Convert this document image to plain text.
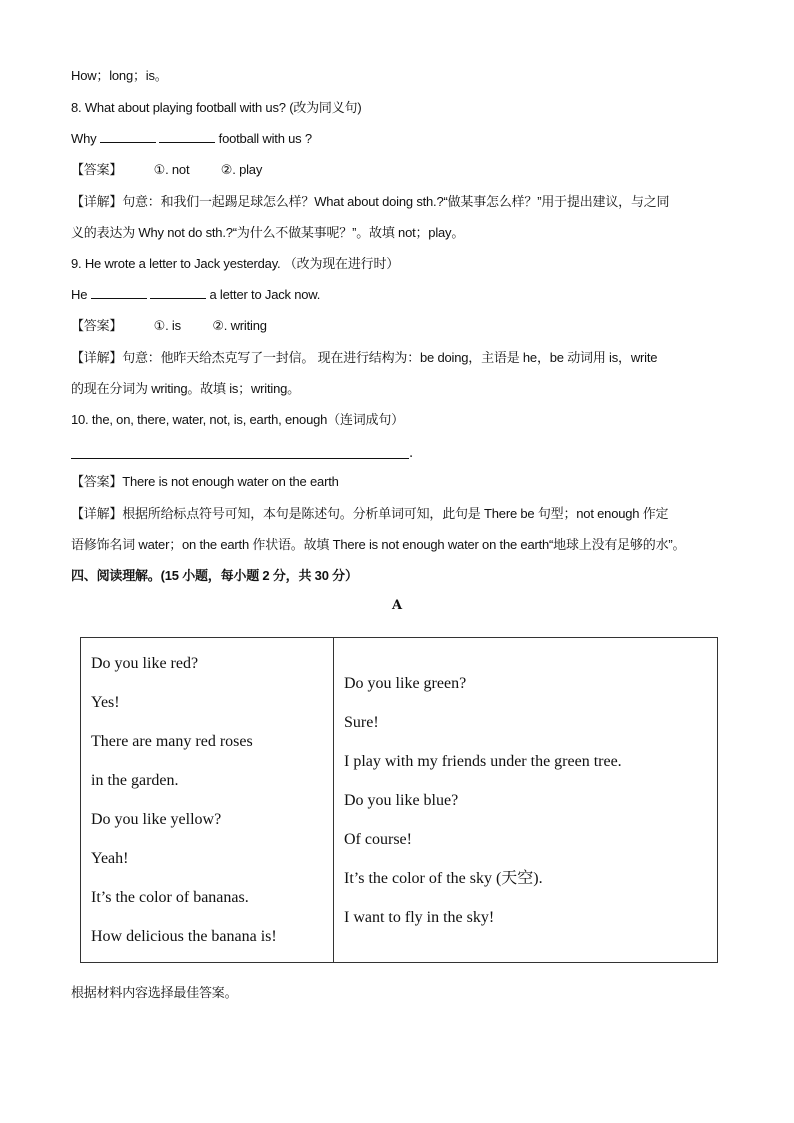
How；long；is。
8. What about playing football with us? (改为同义句)
Why	football with us ?
【答案】 ①. not ②. play
【详解】句意：和我们一起踢足球怎么样？What about doing sth.?“做某事怎么样？”用于提出建议，与之同
义的表达为 Why not do sth.?“为什么不做某事呢？”。故填 not；play。
9. He wrote a letter to Jack yesterday. （改为现在进行时）
He	a letter to Jack now.
【答案】 ①. is ②. writing
【详解】句意：他昨天给杰克写了一封信。 现在进行结构为：be doing，主语是 he，be 动词用 is，write
的现在分词为 writing。故填 is；writing。
10. the, on, there, water, not, is, earth, enough（连词成句）
.
【答案】There is not enough water on the earth
【详解】根据所给标点符号可知，本句是陈述句。分析单词可知，此句是 There be 句型；not enough 作定
语修饰名词 water；on the earth 作状语。故填 There is not enough water on the earth“地球上没有足够的水”。
四、阅读理解。(15 小题，每小题 2 分，共 30 分）
A
Do you like red?
Yes!
There are many red roses
in the garden.
Do you like yellow?
Yeah!
It’s the color of bananas.
How delicious the banana is!

Do you like green?
Sure!
I play with my friends under the green tree.
Do you like blue?
Of course!
It’s the color of the sky (天空).
I want to fly in the sky!
根据材料内容选择最佳答案。
